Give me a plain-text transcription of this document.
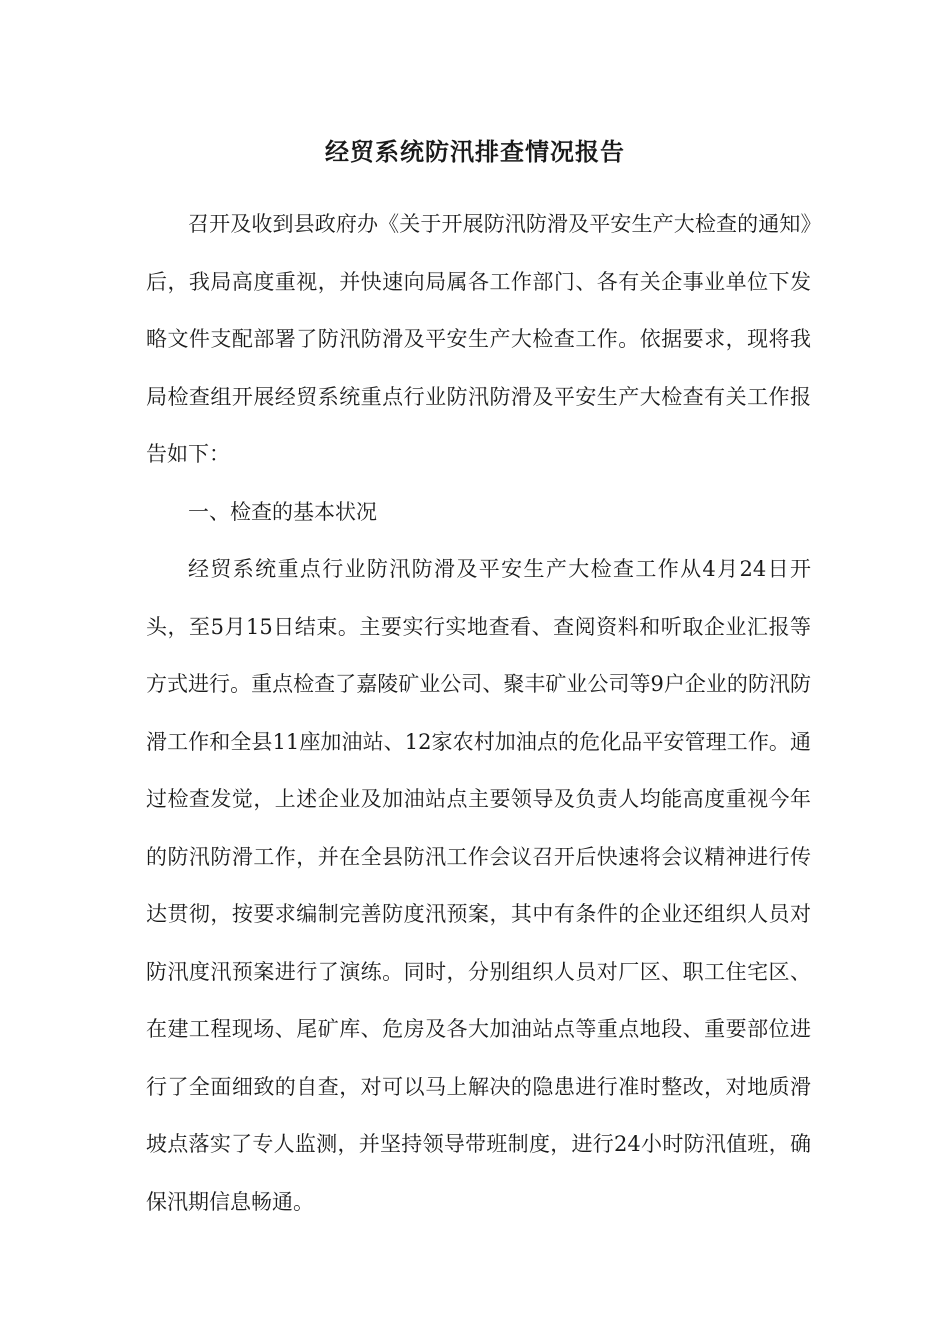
经贸系统防汛排查情况报告

召开及收到县政府办《关于开展防汛防滑及平安生产大检查的通知》后，我局高度重视，并快速向局属各工作部门、各有关企事业单位下发略文件支配部署了防汛防滑及平安生产大检查工作。依据要求，现将我局检查组开展经贸系统重点行业防汛防滑及平安生产大检查有关工作报告如下：

一、检查的基本状况

经贸系统重点行业防汛防滑及平安生产大检查工作从4月24日开头，至5月15日结束。主要实行实地查看、查阅资料和听取企业汇报等方式进行。重点检查了嘉陵矿业公司、聚丰矿业公司等9户企业的防汛防滑工作和全县11座加油站、12家农村加油点的危化品平安管理工作。通过检查发觉，上述企业及加油站点主要领导及负责人均能高度重视今年的防汛防滑工作，并在全县防汛工作会议召开后快速将会议精神进行传达贯彻，按要求编制完善防度汛预案，其中有条件的企业还组织人员对防汛度汛预案进行了演练。同时，分别组织人员对厂区、职工住宅区、在建工程现场、尾矿库、危房及各大加油站点等重点地段、重要部位进行了全面细致的自查，对可以马上解决的隐患进行准时整改，对地质滑坡点落实了专人监测，并坚持领导带班制度，进行24小时防汛值班，确保汛期信息畅通。
